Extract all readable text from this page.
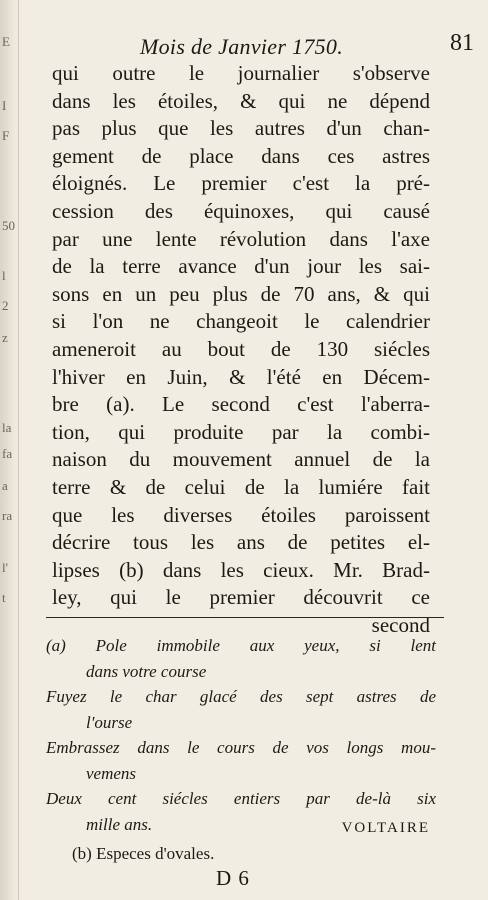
E
I
F
50
l
2
z
la
fa
a
ra
l'
t
Mois de Janvier 1750.	81
qui outre le journalier s'observe
dans les étoiles, & qui ne dépend
pas plus que les autres d'un chan-
gement de place dans ces astres
éloignés. Le premier c'est la pré-
cession des équinoxes, qui causé
par une lente révolution dans l'axe
de la terre avance d'un jour les sai-
sons en un peu plus de 70 ans, & qui
si l'on ne changeoit le calendrier
ameneroit au bout de 130 siécles
l'hiver en Juin, & l'été en Décem-
bre (a). Le second c'est l'aberra-
tion, qui produite par la combi-
naison du mouvement annuel de la
terre & de celui de la lumiére fait
que les diverses étoiles paroissent
décrire tous les ans de petites el-
lipses (b) dans les cieux. Mr. Brad-
ley, qui le premier découvrit ce
second
(a) Pole immobile aux yeux, si lent
dans votre course
Fuyez le char glacé des sept astres de
l'ourse
Embrassez dans le cours de vos longs mou-
vemens
Deux cent siécles entiers par de-là six
mille ans.	VOLTAIRE
(b) Especes d'ovales.
D 6
